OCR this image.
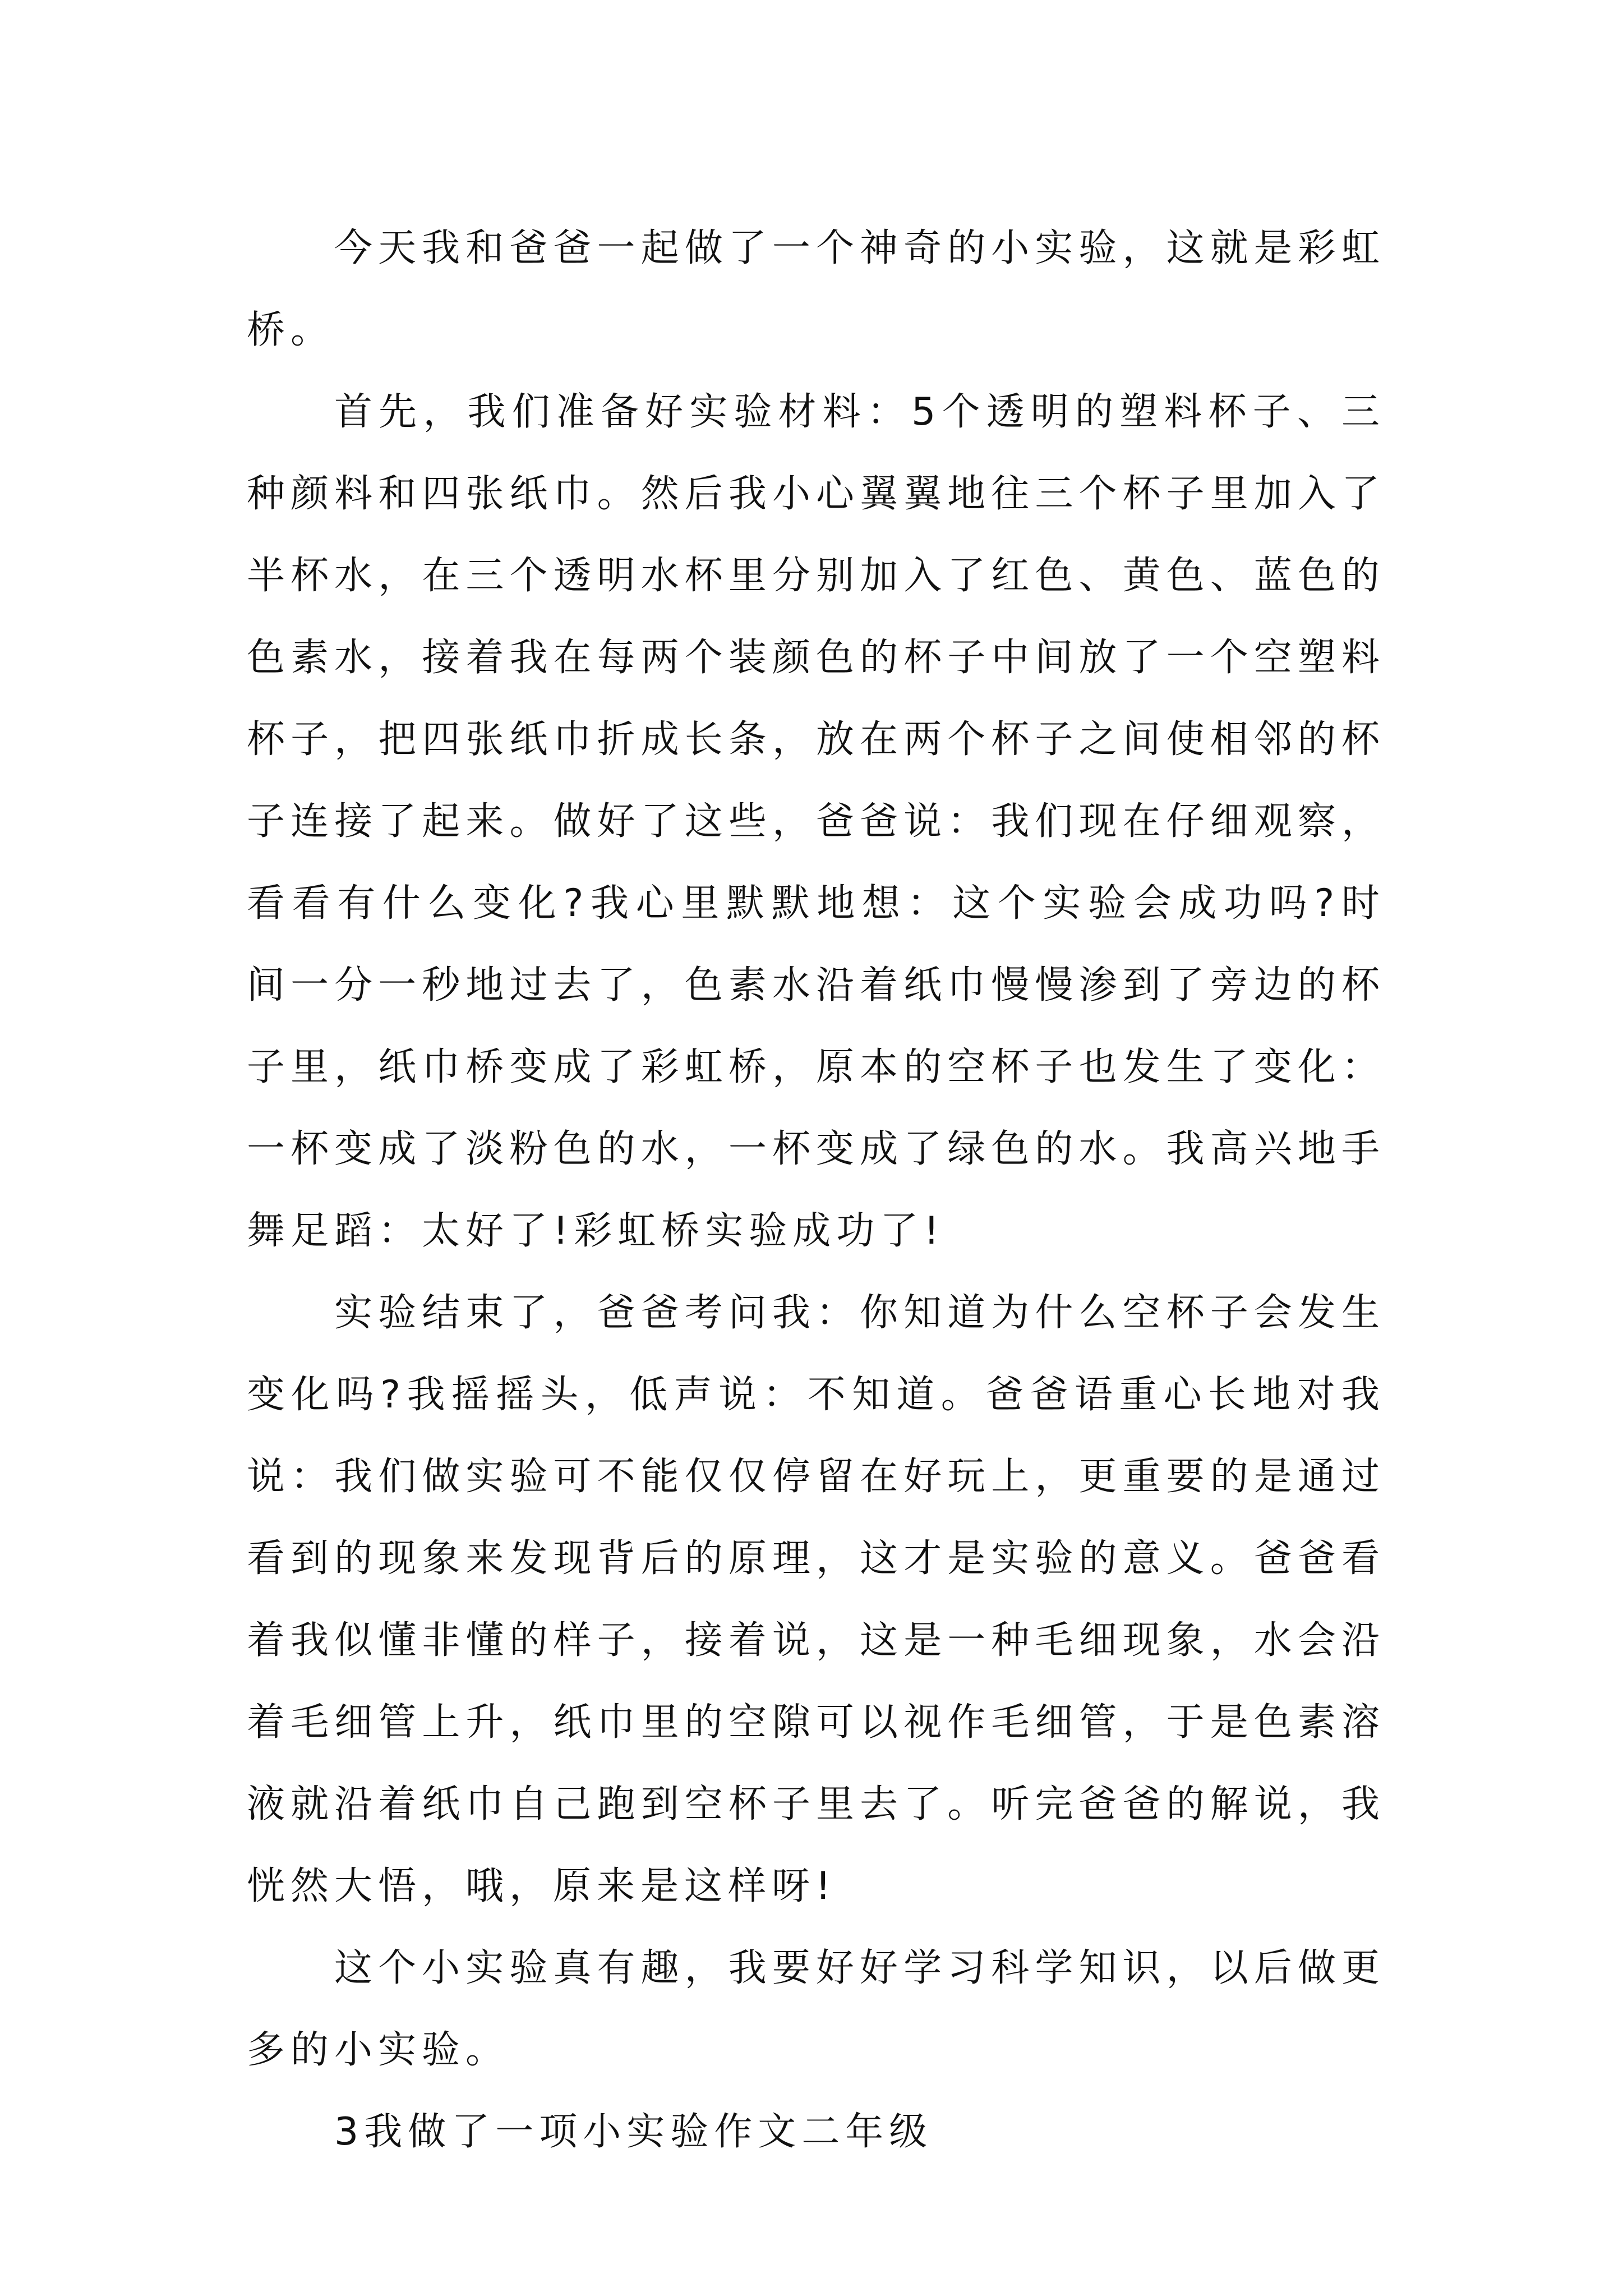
今天我和爸爸一起做了一个神奇的小实验，这就是彩虹桥。

首先，我们准备好实验材料：5个透明的塑料杯子、三种颜料和四张纸巾。然后我小心翼翼地往三个杯子里加入了半杯水，在三个透明水杯里分别加入了红色、黄色、蓝色的色素水，接着我在每两个装颜色的杯子中间放了一个空塑料杯子，把四张纸巾折成长条，放在两个杯子之间使相邻的杯子连接了起来。做好了这些，爸爸说：我们现在仔细观察，看看有什么变化?我心里默默地想：这个实验会成功吗?时间一分一秒地过去了，色素水沿着纸巾慢慢渗到了旁边的杯子里，纸巾桥变成了彩虹桥，原本的空杯子也发生了变化：一杯变成了淡粉色的水，一杯变成了绿色的水。我高兴地手舞足蹈：太好了!彩虹桥实验成功了!

实验结束了，爸爸考问我：你知道为什么空杯子会发生变化吗?我摇摇头，低声说：不知道。爸爸语重心长地对我说：我们做实验可不能仅仅停留在好玩上，更重要的是通过看到的现象来发现背后的原理，这才是实验的意义。爸爸看着我似懂非懂的样子，接着说，这是一种毛细现象，水会沿着毛细管上升，纸巾里的空隙可以视作毛细管，于是色素溶液就沿着纸巾自己跑到空杯子里去了。听完爸爸的解说，我恍然大悟，哦，原来是这样呀!

这个小实验真有趣，我要好好学习科学知识，以后做更多的小实验。

3我做了一项小实验作文二年级
